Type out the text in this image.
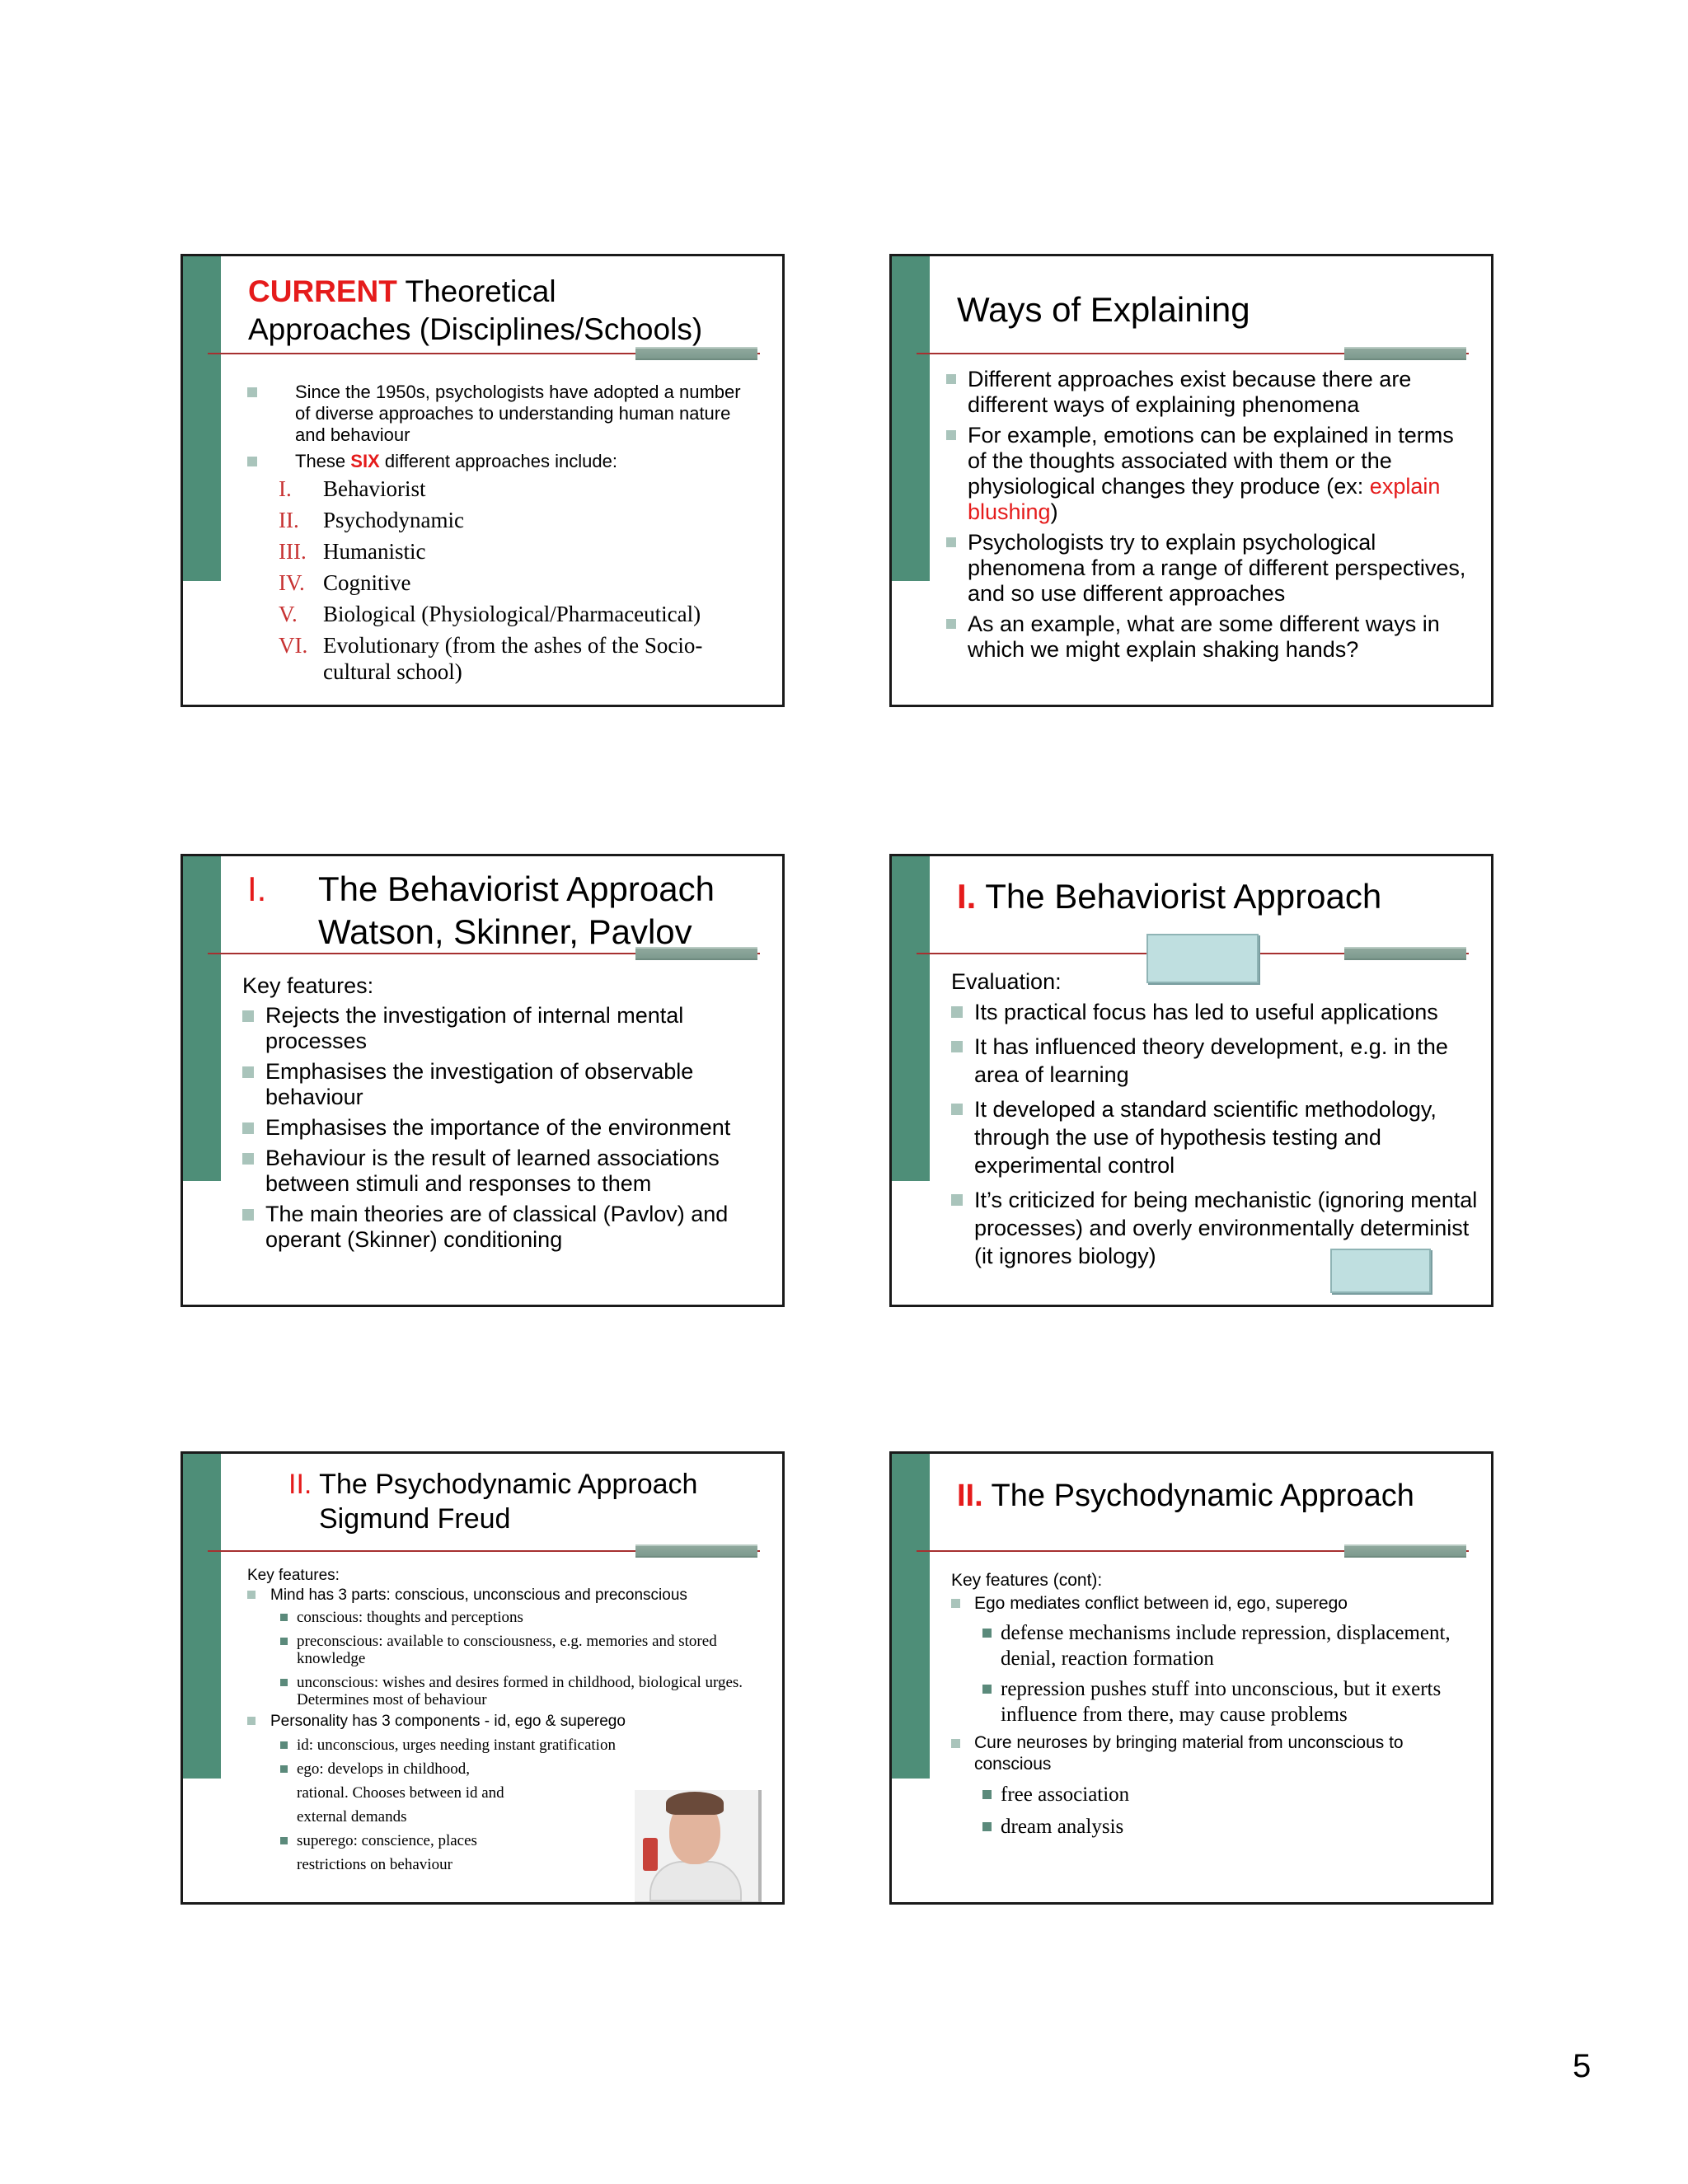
CURRENT Theoretical
Approaches (Disciplines/Schools)
Since the 1950s, psychologists have adopted a number of diverse approaches to understanding human nature and behaviour
These SIX different approaches include:
I. Behaviorist
II. Psychodynamic
III. Humanistic
IV. Cognitive
V. Biological (Physiological/Pharmaceutical)
VI. Evolutionary (from the ashes of the Socio-cultural school)
Ways of Explaining
Different approaches exist because there are different ways of explaining phenomena
For example, emotions can be explained in terms of the thoughts associated with them or the physiological changes they produce (ex: explain blushing)
Psychologists try to explain psychological phenomena from a range of different perspectives, and so use different approaches
As an example, what are some different ways in which we might explain shaking hands?
I. The Behaviorist Approach
Watson, Skinner, Pavlov
Key features:
Rejects the investigation of internal mental processes
Emphasises the investigation of observable behaviour
Emphasises the importance of the environment
Behaviour is the result of learned associations between stimuli and responses to them
The main theories are of classical (Pavlov) and operant (Skinner) conditioning
I. The Behaviorist Approach
Evaluation:
Its practical focus has led to useful applications
It has influenced theory development, e.g. in the area of learning
It developed a standard scientific methodology, through the use of hypothesis testing and experimental control
It’s criticized for being mechanistic (ignoring mental processes) and overly environmentally determinist (it ignores biology)
II. The Psychodynamic Approach
Sigmund Freud
Key features:
Mind has 3 parts: conscious, unconscious and preconscious
conscious: thoughts and perceptions
preconscious: available to consciousness, e.g. memories and stored knowledge
unconscious: wishes and desires formed in childhood, biological urges. Determines most of behaviour
Personality has 3 components - id, ego & superego
id: unconscious, urges needing instant gratification
ego: develops in childhood, rational. Chooses between id and external demands
superego: conscience, places restrictions on behaviour
II. The Psychodynamic Approach
Key features (cont):
Ego mediates conflict between id, ego, superego
defense mechanisms include repression, displacement, denial, reaction formation
repression pushes stuff into unconscious, but it exerts influence from there, may cause problems
Cure neuroses by bringing material from unconscious to conscious
free association
dream analysis
5
